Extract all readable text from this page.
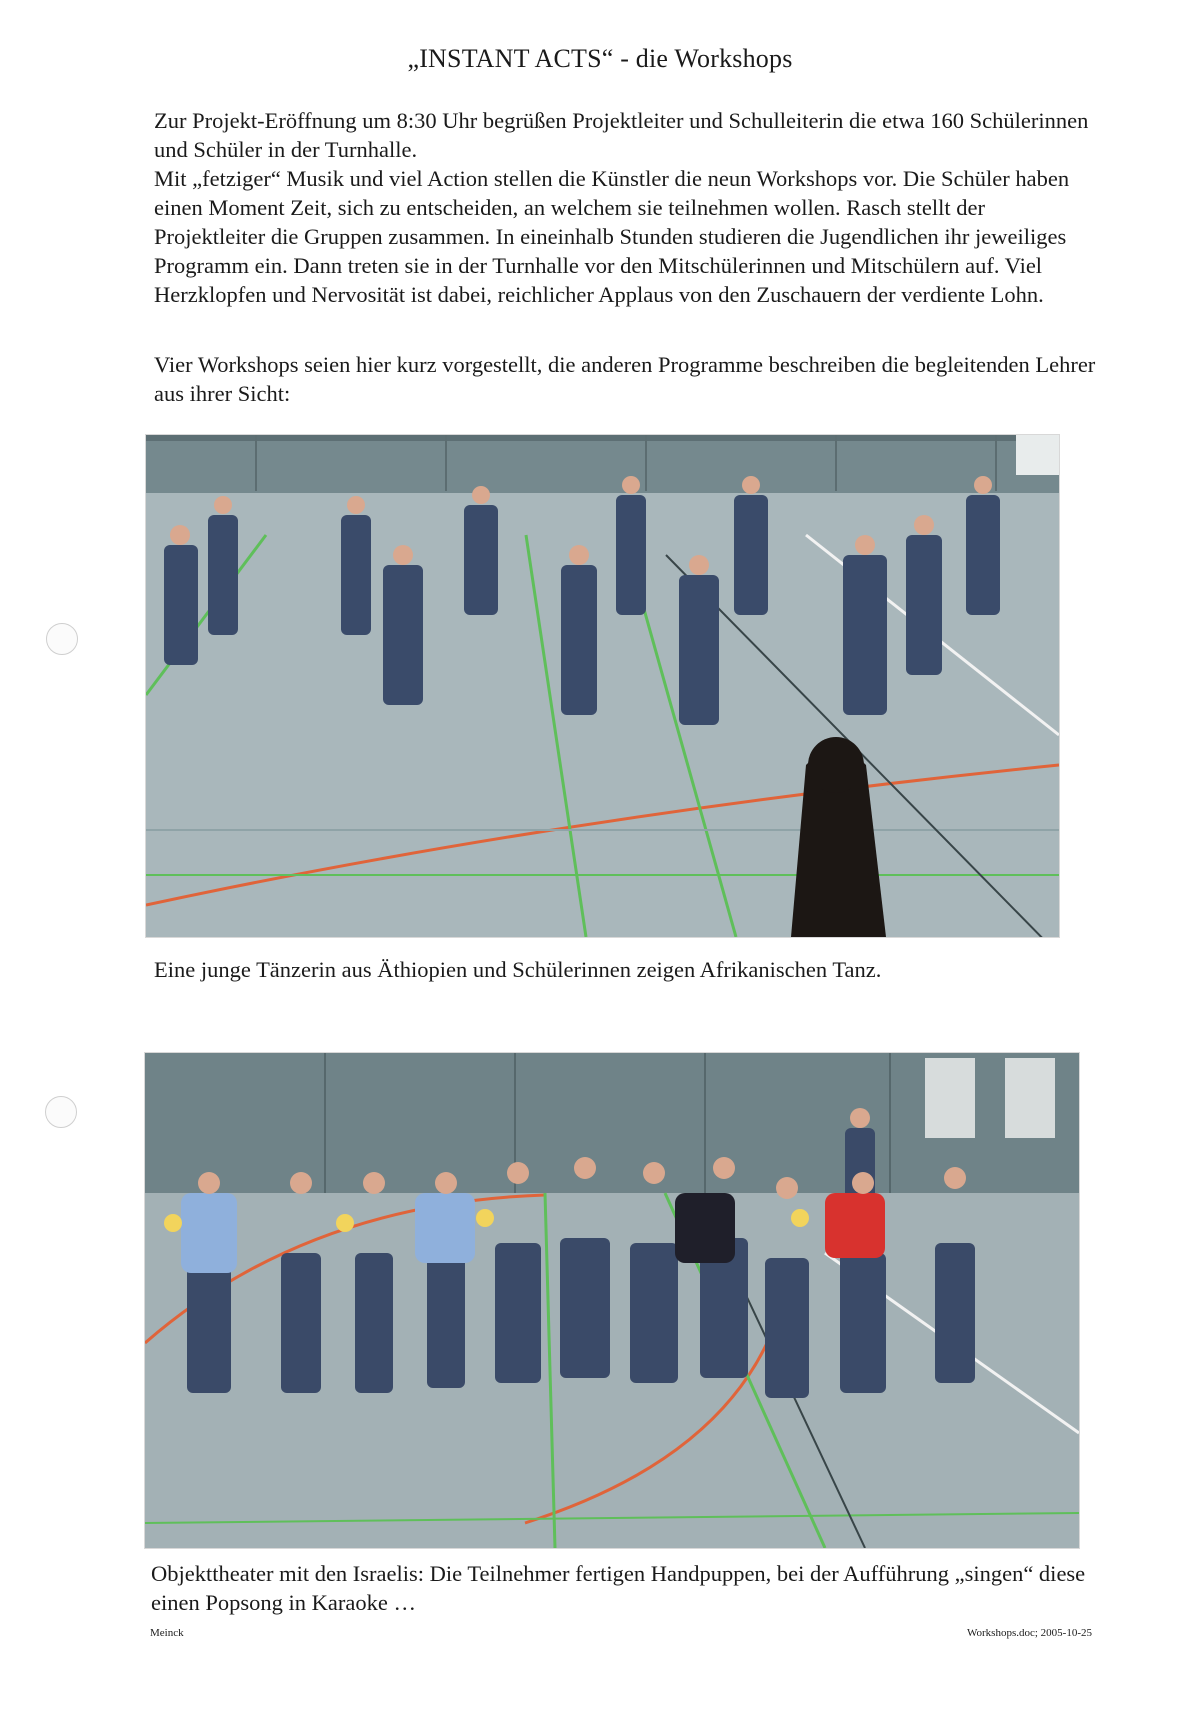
„INSTANT ACTS“ - die Workshops

Zur Projekt-Eröffnung um 8:30 Uhr begrüßen Projektleiter und Schulleiterin die etwa 160 Schülerinnen und Schüler in der Turnhalle.

Mit „fetziger“ Musik und viel Action stellen die Künstler die neun Workshops vor. Die Schüler haben einen Moment Zeit, sich zu entscheiden, an welchem sie teilnehmen wollen. Rasch stellt der Projektleiter die Gruppen zusammen. In eineinhalb Stunden studieren die Jugendlichen ihr jeweiliges Programm ein. Dann treten sie in der Turnhalle vor den Mitschülerinnen und Mitschülern auf. Viel Herzklopfen und Nervosität ist dabei, reichlicher Applaus von den Zuschauern der verdiente Lohn.

Vier Workshops seien hier kurz vorgestellt, die anderen Programme beschreiben die begleitenden Lehrer aus ihrer Sicht:
Eine junge Tänzerin aus Äthiopien und Schülerinnen zeigen Afrikanischen Tanz.
Objekttheater mit den Israelis: Die Teilnehmer fertigen Handpuppen, bei der Aufführung „singen“ diese einen Popsong in Karaoke …
Meinck	Workshops.doc; 2005-10-25
